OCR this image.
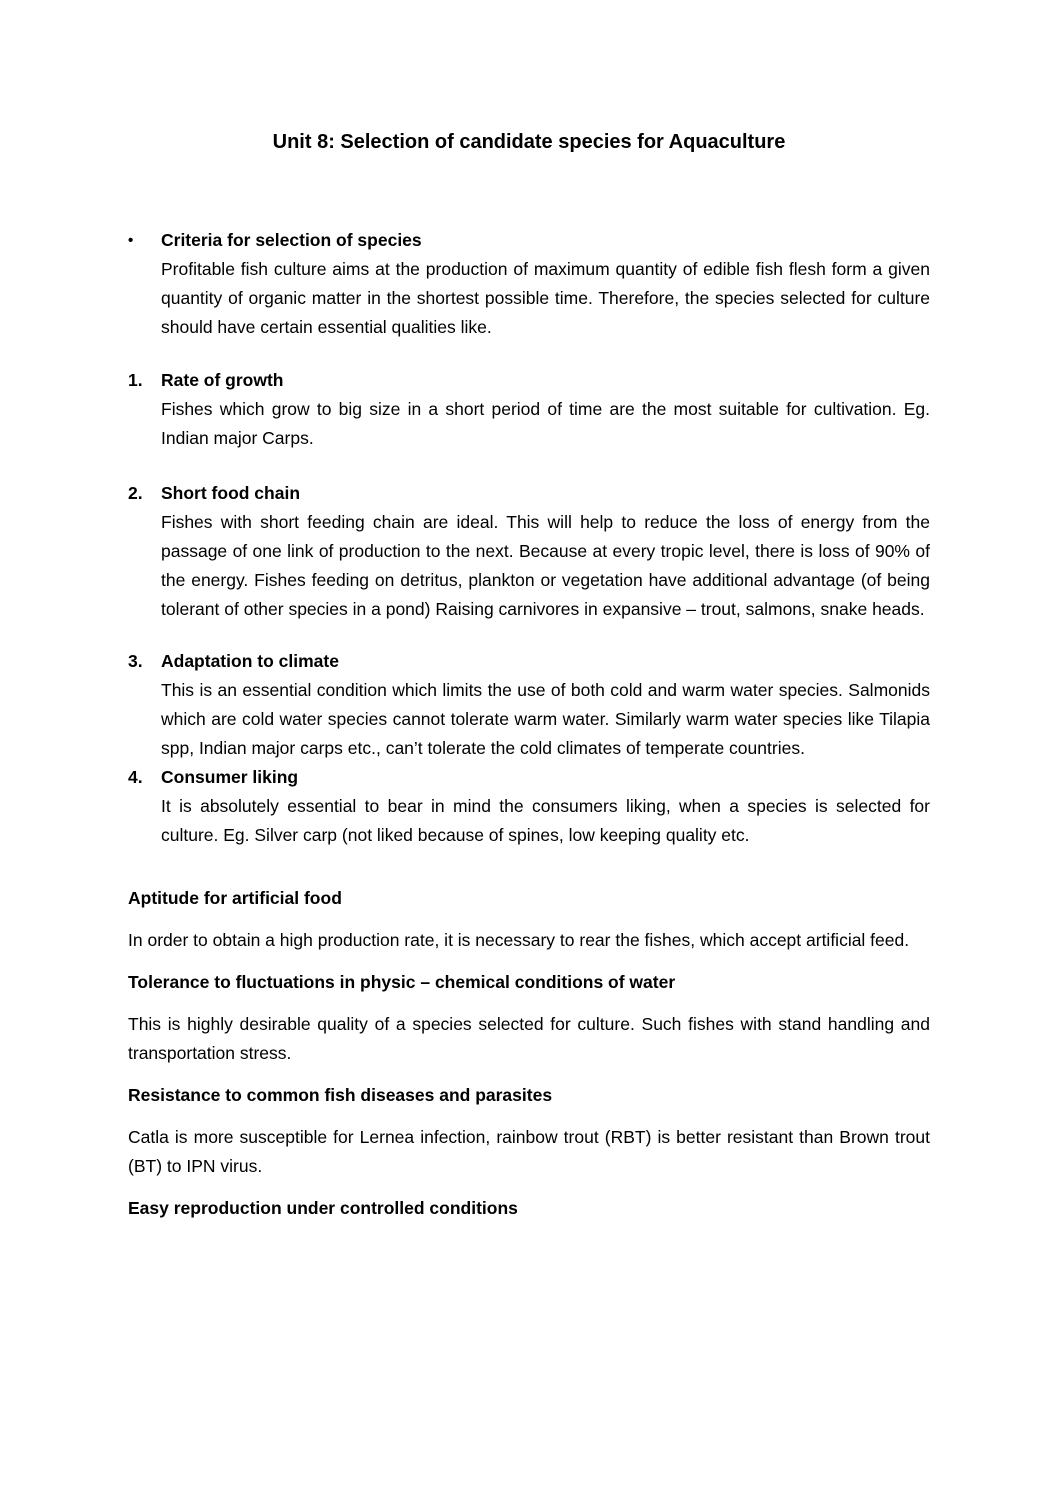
Unit 8: Selection of candidate species for Aquaculture
•	Criteria for selection of species

Profitable fish culture aims at the production of maximum quantity of edible fish flesh form a given quantity of organic matter in the shortest possible time. Therefore, the species selected for culture should have certain essential qualities like.

1.	Rate of growth

Fishes which grow to big size in a short period of time are the most suitable for cultivation. Eg. Indian major Carps.

2.	Short food chain

Fishes with short feeding chain are ideal. This will help to reduce the loss of energy from the passage of one link of production to the next. Because at every tropic level, there is loss of 90% of the energy. Fishes feeding on detritus, plankton or vegetation have additional advantage (of being tolerant of other species in a pond) Raising carnivores in expansive – trout, salmons, snake heads.

3.	Adaptation to climate

This is an essential condition which limits the use of both cold and warm water species. Salmonids which are cold water species cannot tolerate warm water. Similarly warm water species like Tilapia spp, Indian major carps etc., can’t tolerate the cold climates of temperate countries.

4.	Consumer liking

It is absolutely essential to bear in mind the consumers liking, when a species is selected for culture. Eg. Silver carp (not liked because of spines, low keeping quality etc.

Aptitude for artificial food

In order to obtain a high production rate, it is necessary to rear the fishes, which accept artificial feed.

Tolerance to fluctuations in physic – chemical conditions of water

This is highly desirable quality of a species selected for culture. Such fishes with stand handling and transportation stress.

Resistance to common fish diseases and parasites

Catla is more susceptible for Lernea infection, rainbow trout (RBT) is better resistant than Brown trout (BT) to IPN virus.

Easy reproduction under controlled conditions
